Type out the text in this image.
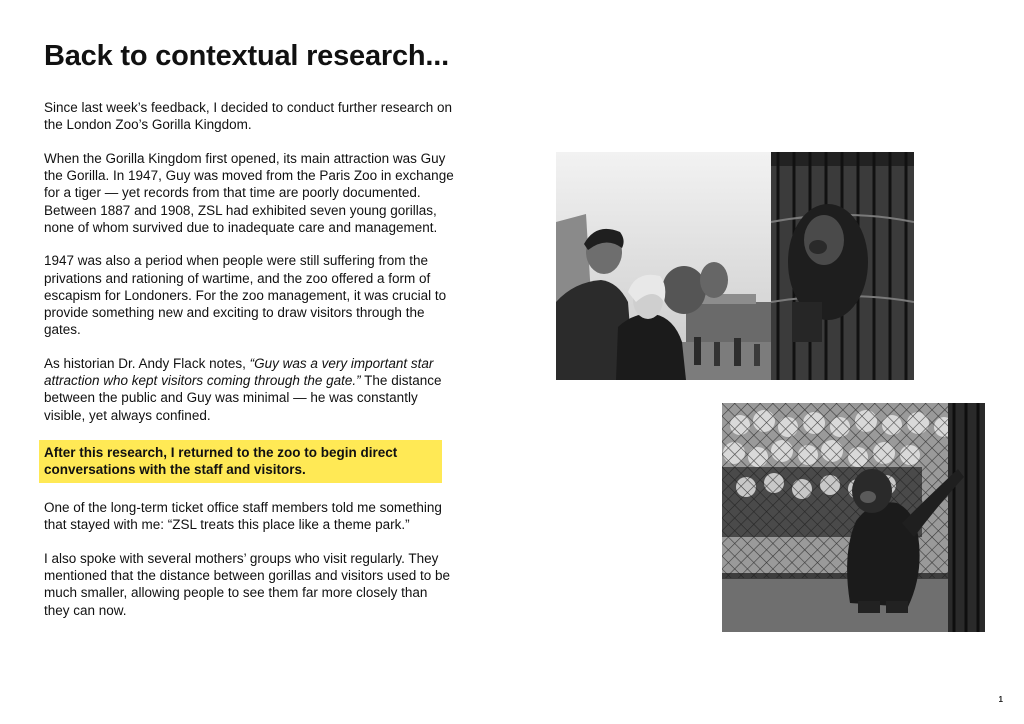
Back to contextual research...

Since last week’s feedback, I decided to conduct further research on the London Zoo’s Gorilla Kingdom.

When the Gorilla Kingdom first opened, its main attraction was Guy the Gorilla. In 1947, Guy was moved from the Paris Zoo in exchange for a tiger — yet records from that time are poorly documented. Between 1887 and 1908, ZSL had exhibited seven young gorillas, none of whom survived due to inadequate care and management.

1947 was also a period when people were still suffering from the privations and rationing of wartime, and the zoo offered a form of escapism for Londoners. For the zoo management, it was crucial to provide something new and exciting to draw visitors through the gates.

As historian Dr. Andy Flack notes, “Guy was a very important star attraction who kept visitors coming through the gate.” The distance between the public and Guy was minimal — he was constantly visible, yet always confined.

After this research, I returned to the zoo to begin direct conversations with the staff and visitors.

One of the long-term ticket office staff members told me something that stayed with me: “ZSL treats this place like a theme park.”

I also spoke with several mothers’ groups who visit regularly. They mentioned that the distance between gorillas and visitors used to be much smaller, allowing people to see them far more closely than they can now.

1
